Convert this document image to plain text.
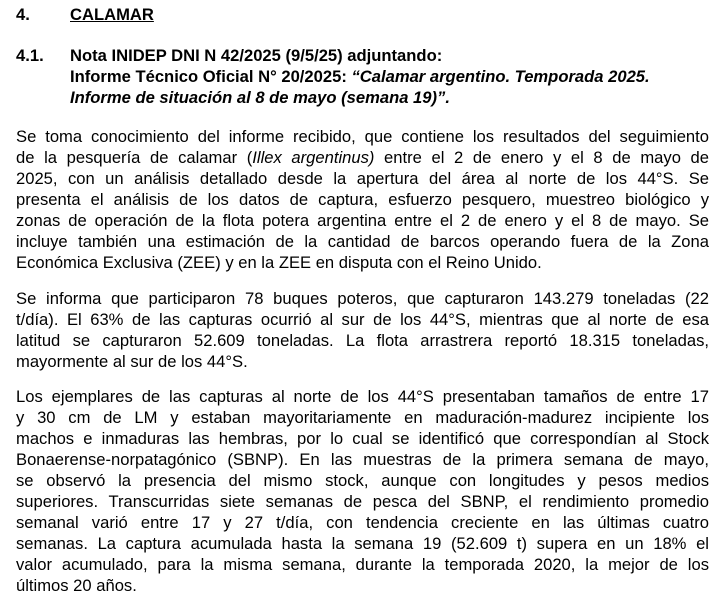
4. CALAMAR
4.1. Nota INIDEP DNI N 42/2025 (9/5/25) adjuntando:
Informe Técnico Oficial N° 20/2025: “Calamar argentino. Temporada 2025.
Informe de situación al 8 de mayo (semana 19)”.
Se toma conocimiento del informe recibido, que contiene los resultados del seguimiento
de la pesquería de calamar (Illex argentinus) entre el 2 de enero y el 8 de mayo de
2025, con un análisis detallado desde la apertura del área al norte de los 44°S. Se
presenta el análisis de los datos de captura, esfuerzo pesquero, muestreo biológico y
zonas de operación de la flota potera argentina entre el 2 de enero y el 8 de mayo. Se
incluye también una estimación de la cantidad de barcos operando fuera de la Zona
Económica Exclusiva (ZEE) y en la ZEE en disputa con el Reino Unido.
Se informa que participaron 78 buques poteros, que capturaron 143.279 toneladas (22
t/día). El 63% de las capturas ocurrió al sur de los 44°S, mientras que al norte de esa
latitud se capturaron 52.609 toneladas. La flota arrastrera reportó 18.315 toneladas,
mayormente al sur de los 44°S.
Los ejemplares de las capturas al norte de los 44°S presentaban tamaños de entre 17
y 30 cm de LM y estaban mayoritariamente en maduración-madurez incipiente los
machos e inmaduras las hembras, por lo cual se identificó que correspondían al Stock
Bonaerense-norpatagónico (SBNP). En las muestras de la primera semana de mayo,
se observó la presencia del mismo stock, aunque con longitudes y pesos medios
superiores. Transcurridas siete semanas de pesca del SBNP, el rendimiento promedio
semanal varió entre 17 y 27 t/día, con tendencia creciente en las últimas cuatro
semanas. La captura acumulada hasta la semana 19 (52.609 t) supera en un 18% el
valor acumulado, para la misma semana, durante la temporada 2020, la mejor de los
últimos 20 años.
